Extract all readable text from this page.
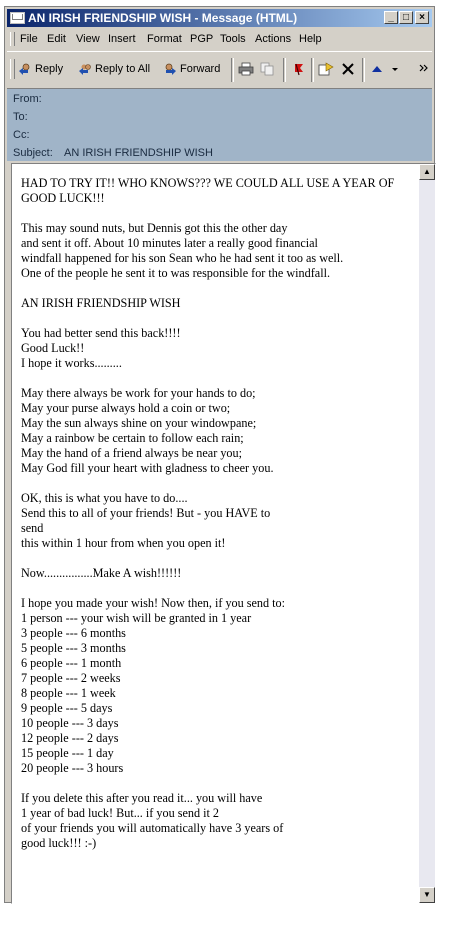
AN IRISH FRIENDSHIP WISH - Message (HTML)	_ □	×
File Edit View Insert Format PGP Tools Actions Help
Reply	Reply to All	Forward
From:
To:
Cc:
Subject: AN IRISH FRIENDSHIP WISH

HAD TO TRY IT!! WHO KNOWS??? WE COULD ALL USE A YEAR OF
GOOD LUCK!!!

This may sound nuts, but Dennis got this the other day
and sent it off. About 10 minutes later a really good financial
windfall happened for his son Sean who he had sent it too as well.
One of the people he sent it to was responsible for the windfall.

AN IRISH FRIENDSHIP WISH

You had better send this back!!!!
Good Luck!!
I hope it works.........

May there always be work for your hands to do;
May your purse always hold a coin or two;
May the sun always shine on your windowpane;
May a rainbow be certain to follow each rain;
May the hand of a friend always be near you;
May God fill your heart with gladness to cheer you.

OK, this is what you have to do....
Send this to all of your friends! But - you HAVE to
send
this within 1 hour from when you open it!

Now................Make A wish!!!!!!

I hope you made your wish! Now then, if you send to:
1 person --- your wish will be granted in 1 year
3 people --- 6 months
5 people --- 3 months
6 people --- 1 month
7 people --- 2 weeks
8 people --- 1 week
9 people --- 5 days
10 people --- 3 days
12 people --- 2 days
15 people --- 1 day
20 people --- 3 hours

If you delete this after you read it... you will have
1 year of bad luck! But... if you send it 2
of your friends you will automatically have 3 years of
good luck!!! :-)

▲
▼
